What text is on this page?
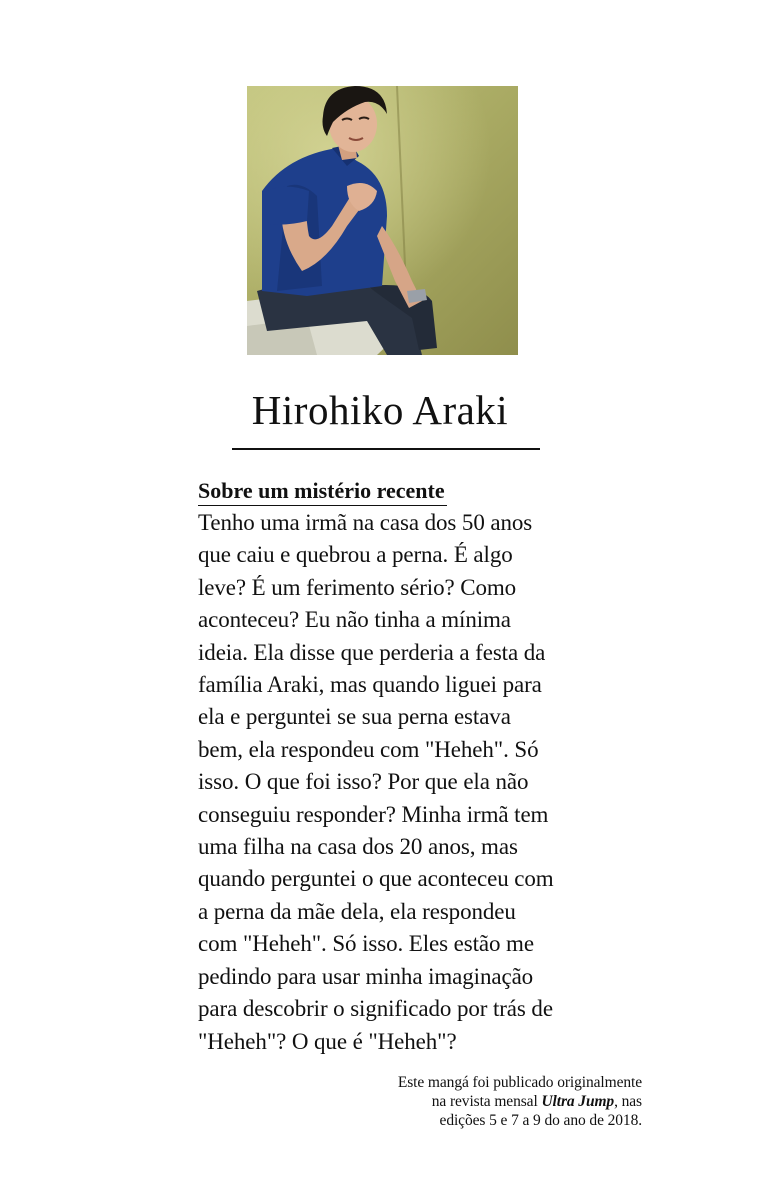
Hirohiko Araki
Sobre um mistério recente
Tenho uma irmã na casa dos 50 anos
que caiu e quebrou a perna. É algo
leve? É um ferimento sério? Como
aconteceu? Eu não tinha a mínima
ideia. Ela disse que perderia a festa da
família Araki, mas quando liguei para
ela e perguntei se sua perna estava
bem, ela respondeu com "Heheh". Só
isso. O que foi isso? Por que ela não
conseguiu responder? Minha irmã tem
uma filha na casa dos 20 anos, mas
quando perguntei o que aconteceu com
a perna da mãe dela, ela respondeu
com "Heheh". Só isso. Eles estão me
pedindo para usar minha imaginação
para descobrir o significado por trás de
"Heheh"? O que é "Heheh"?
Este mangá foi publicado originalmente
na revista mensal Ultra Jump, nas
edições 5 e 7 a 9 do ano de 2018.
